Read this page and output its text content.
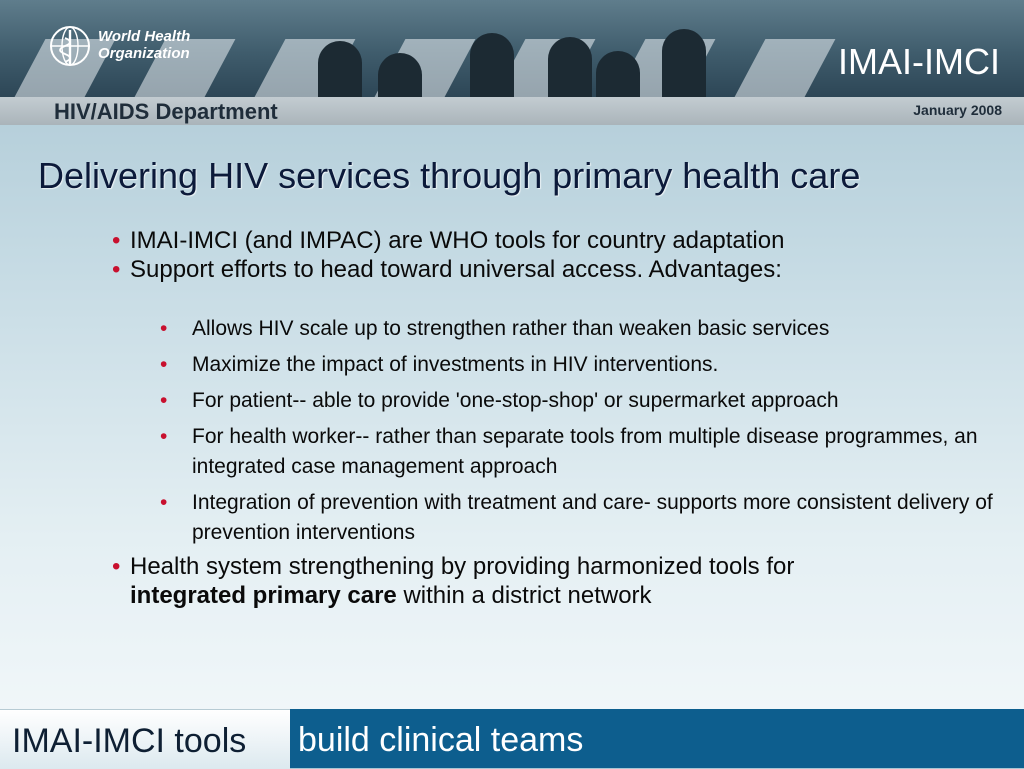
World Health
Organization	IMAI-IMCI
HIV/AIDS Department	January 2008
Delivering HIV services through primary health care
• IMAI-IMCI (and IMPAC) are WHO tools for country adaptation
• Support efforts to head toward universal access. Advantages:
• Allows HIV scale up to strengthen rather than weaken basic services
• Maximize the impact of investments in HIV interventions.
• For patient-- able to provide 'one-stop-shop' or supermarket approach
• For health worker-- rather than separate tools from multiple disease programmes, an integrated case management approach
• Integration of prevention with treatment and care- supports more consistent delivery of prevention interventions
• Health system strengthening by providing harmonized tools for
integrated primary care within a district network
IMAI-IMCI tools build clinical teams
